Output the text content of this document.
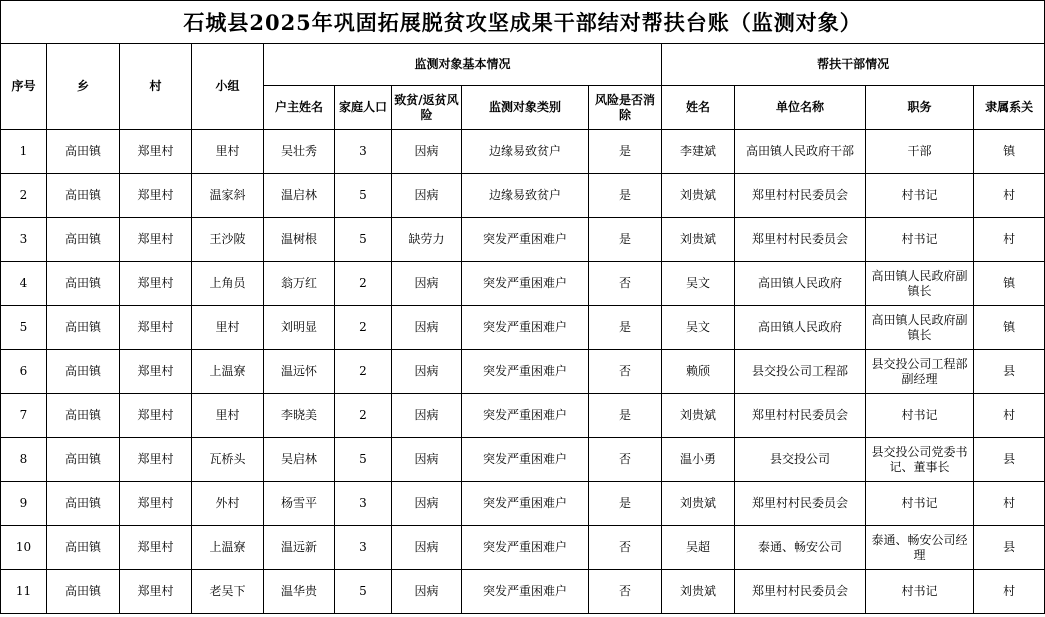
石城县2025年巩固拓展脱贫攻坚成果干部结对帮扶台账（监测对象）												
序号	乡	村	小组	监测对象基本情况					帮扶干部情况			
				户主姓名	家庭人口	致贫/返贫风险	监测对象类别	风险是否消除	姓名	单位名称	职务	隶属系关
1	高田镇	郑里村	里村	吴壮秀	3	因病	边缘易致贫户	是	李建斌	高田镇人民政府干部	干部	镇
2	高田镇	郑里村	温家斜	温启林	5	因病	边缘易致贫户	是	刘贵斌	郑里村村民委员会	村书记	村
3	高田镇	郑里村	王沙陂	温树根	5	缺劳力	突发严重困难户	是	刘贵斌	郑里村村民委员会	村书记	村
4	高田镇	郑里村	上角员	翁万红	2	因病	突发严重困难户	否	吴文	高田镇人民政府	高田镇人民政府副镇长	镇
5	高田镇	郑里村	里村	刘明显	2	因病	突发严重困难户	是	吴文	高田镇人民政府	高田镇人民政府副镇长	镇
6	高田镇	郑里村	上温寮	温远怀	2	因病	突发严重困难户	否	赖颀	县交投公司工程部	县交投公司工程部副经理	县
7	高田镇	郑里村	里村	李晓美	2	因病	突发严重困难户	是	刘贵斌	郑里村村民委员会	村书记	村
8	高田镇	郑里村	瓦桥头	吴启林	5	因病	突发严重困难户	否	温小勇	县交投公司	县交投公司党委书记、董事长	县
9	高田镇	郑里村	外村	杨雪平	3	因病	突发严重困难户	是	刘贵斌	郑里村村民委员会	村书记	村
10	高田镇	郑里村	上温寮	温远新	3	因病	突发严重困难户	否	吴超	泰通、畅安公司	泰通、畅安公司经理	县
11	高田镇	郑里村	老吴下	温华贵	5	因病	突发严重困难户	否	刘贵斌	郑里村村民委员会	村书记	村
